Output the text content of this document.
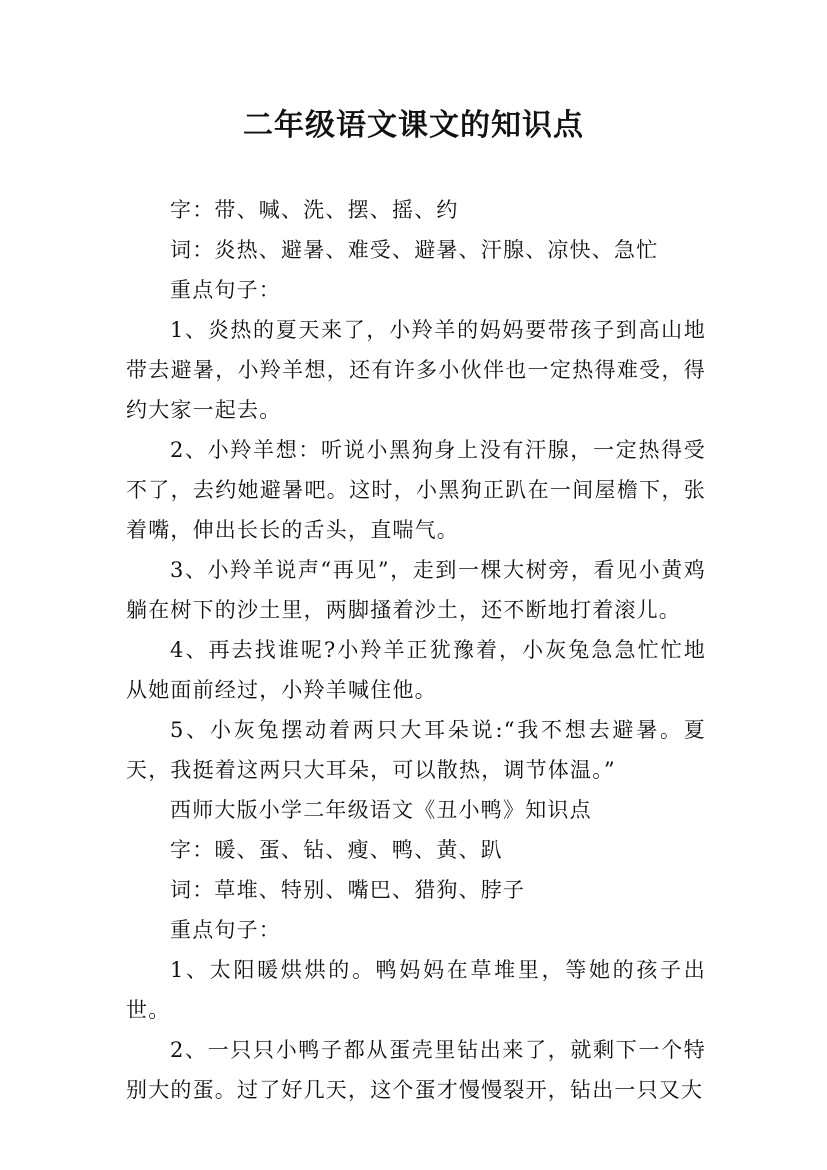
二年级语文课文的知识点
字：带、喊、洗、摆、摇、约
词：炎热、避暑、难受、避暑、汗腺、凉快、急忙
重点句子：
1、炎热的夏天来了，小羚羊的妈妈要带孩子到高山地带去避暑，小羚羊想，还有许多小伙伴也一定热得难受，得约大家一起去。
2、小羚羊想：听说小黑狗身上没有汗腺，一定热得受不了，去约她避暑吧。这时，小黑狗正趴在一间屋檐下，张着嘴，伸出长长的舌头，直喘气。
3、小羚羊说声“再见”，走到一棵大树旁，看见小黄鸡躺在树下的沙土里，两脚搔着沙土，还不断地打着滚儿。
4、再去找谁呢?小羚羊正犹豫着，小灰兔急急忙忙地从她面前经过，小羚羊喊住他。
5、小灰兔摆动着两只大耳朵说:“我不想去避暑。夏天，我挺着这两只大耳朵，可以散热，调节体温。”
西师大版小学二年级语文《丑小鸭》知识点
字：暖、蛋、钻、瘦、鸭、黄、趴
词：草堆、特别、嘴巴、猎狗、脖子
重点句子：
1、太阳暖烘烘的。鸭妈妈在草堆里，等她的孩子出世。
2、一只只小鸭子都从蛋壳里钻出来了，就剩下一个特别大的蛋。过了好几天，这个蛋才慢慢裂开，钻出一只又大
